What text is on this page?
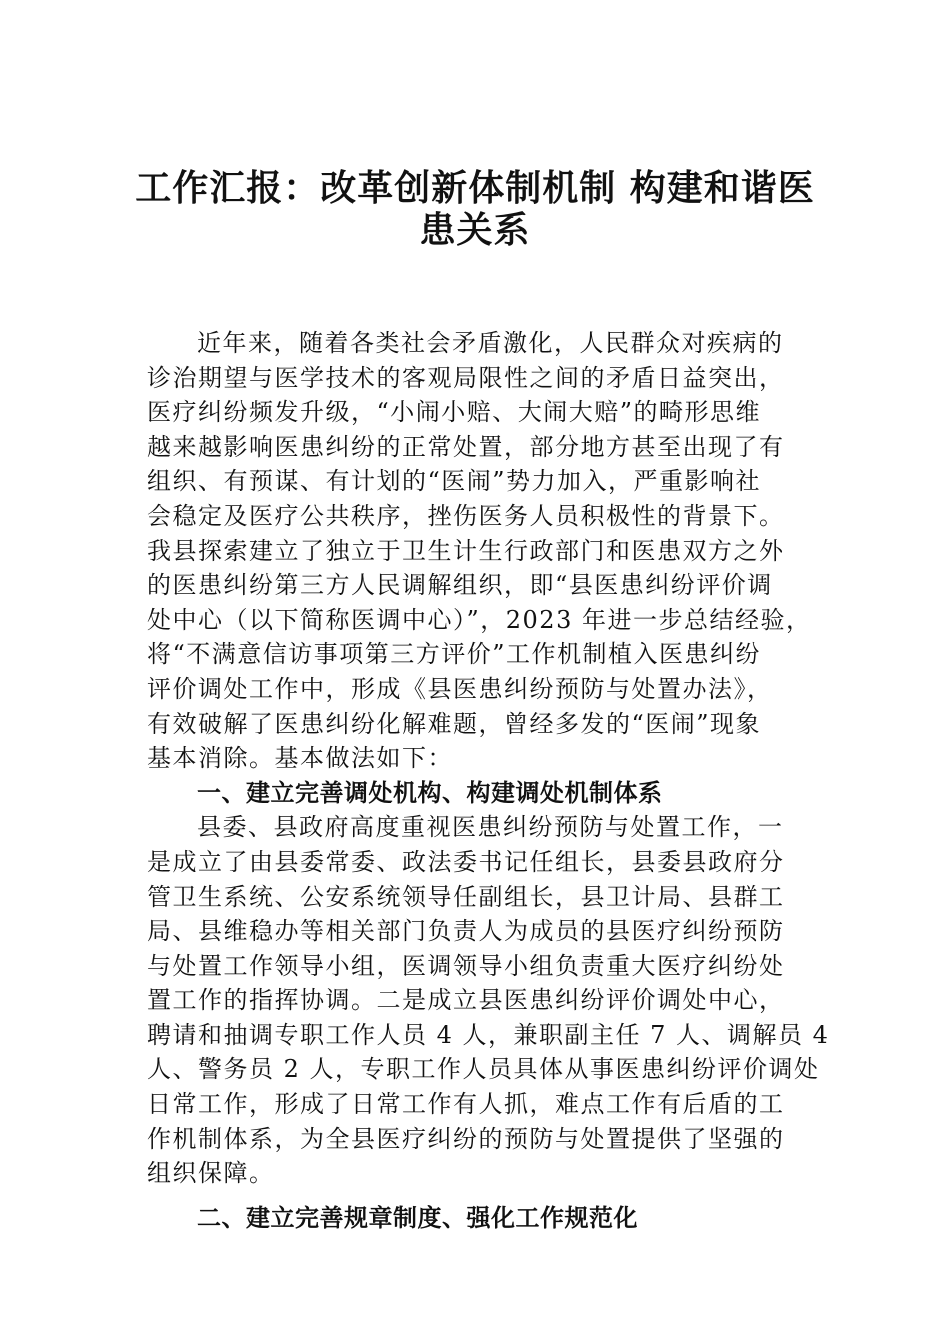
工作汇报：改革创新体制机制 构建和谐医
患关系
近年来，随着各类社会矛盾激化，人民群众对疾病的
诊治期望与医学技术的客观局限性之间的矛盾日益突出，
医疗纠纷频发升级，“小闹小赔、大闹大赔”的畸形思维
越来越影响医患纠纷的正常处置，部分地方甚至出现了有
组织、有预谋、有计划的“医闹”势力加入，严重影响社
会稳定及医疗公共秩序，挫伤医务人员积极性的背景下。
我县探索建立了独立于卫生计生行政部门和医患双方之外
的医患纠纷第三方人民调解组织，即“县医患纠纷评价调
处中心（以下简称医调中心）”，2023 年进一步总结经验，
将“不满意信访事项第三方评价”工作机制植入医患纠纷
评价调处工作中，形成《县医患纠纷预防与处置办法》，
有效破解了医患纠纷化解难题，曾经多发的“医闹”现象
基本消除。基本做法如下：
一、建立完善调处机构、构建调处机制体系
县委、县政府高度重视医患纠纷预防与处置工作，一
是成立了由县委常委、政法委书记任组长，县委县政府分
管卫生系统、公安系统领导任副组长，县卫计局、县群工
局、县维稳办等相关部门负责人为成员的县医疗纠纷预防
与处置工作领导小组，医调领导小组负责重大医疗纠纷处
置工作的指挥协调。二是成立县医患纠纷评价调处中心，
聘请和抽调专职工作人员 4 人，兼职副主任 7 人、调解员 4
人、警务员 2 人，专职工作人员具体从事医患纠纷评价调处
日常工作，形成了日常工作有人抓，难点工作有后盾的工
作机制体系，为全县医疗纠纷的预防与处置提供了坚强的
组织保障。
二、建立完善规章制度、强化工作规范化
